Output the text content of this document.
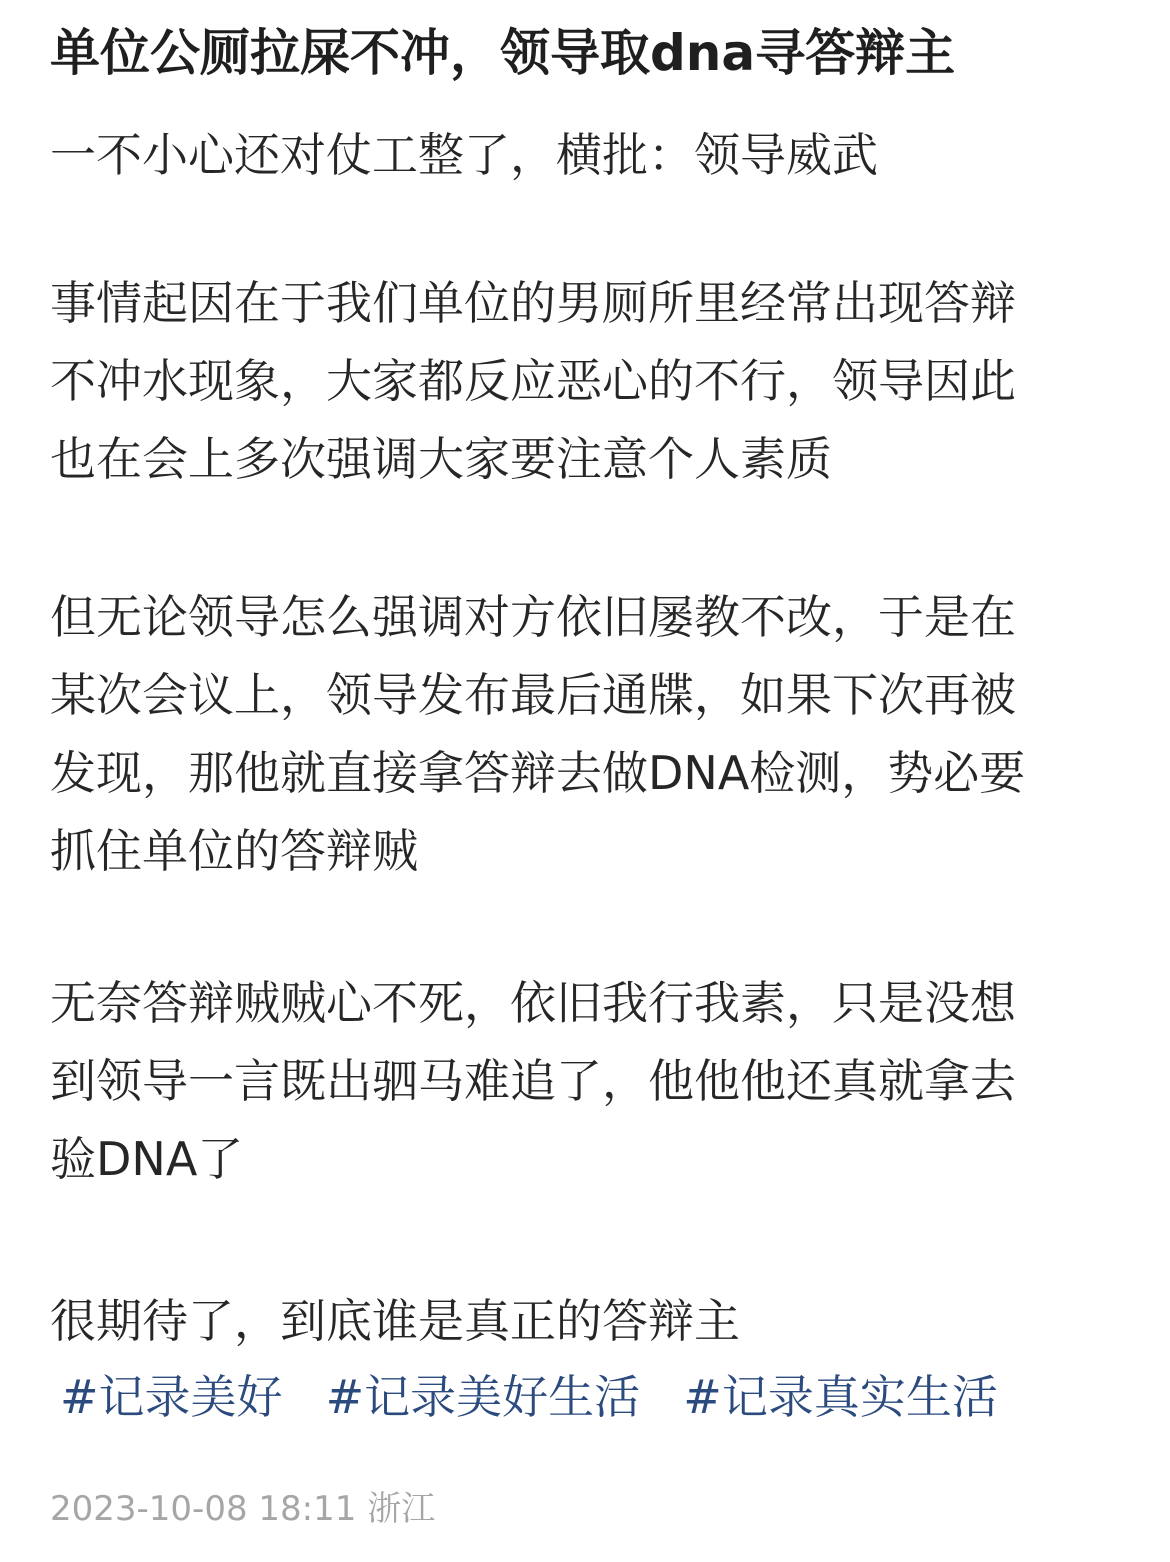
单位公厕拉屎不冲，领导取dna寻答辩主
一不小心还对仗工整了，横批：领导威武
事情起因在于我们单位的男厕所里经常出现答辩
不冲水现象，大家都反应恶心的不行，领导因此
也在会上多次强调大家要注意个人素质
但无论领导怎么强调对方依旧屡教不改，于是在
某次会议上，领导发布最后通牒，如果下次再被
发现，那他就直接拿答辩去做DNA检测，势必要
抓住单位的答辩贼
无奈答辩贼贼心不死，依旧我行我素，只是没想
到领导一言既出驷马难追了，他他他还真就拿去
验DNA了
很期待了，到底谁是真正的答辩主
#记录美好 #记录美好生活 #记录真实生活
2023-10-08 18:11 浙江
